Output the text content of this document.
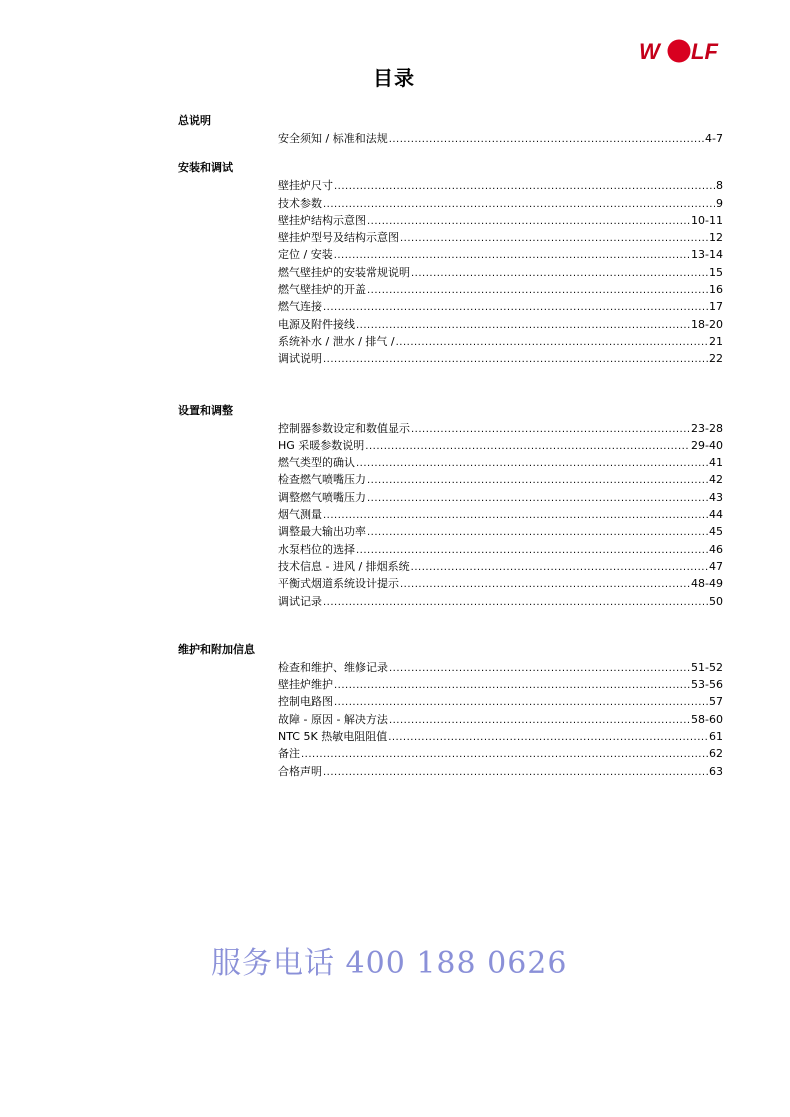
W LF
目录
总说明
安全须知 / 标准和法规 .....	4-7
安装和调试
壁挂炉尺寸 .....	8
技术参数 .....	9
壁挂炉结构示意图 .....	10-11
壁挂炉型号及结构示意图 .....	12
定位 / 安装 .....	13-14
燃气壁挂炉的安装常规说明 .....	15
燃气壁挂炉的开盖 .....	16
燃气连接 .....	17
电源及附件接线 .....	18-20
系统补水 / 泄水 / 排气 / .....	21
调试说明 .....	22
设置和调整
控制器参数设定和数值显示 .....	23-28
HG 采暖参数说明 .....	29-40
燃气类型的确认 .....	41
检查燃气喷嘴压力 .....	42
调整燃气喷嘴压力 .....	43
烟气测量 .....	44
调整最大输出功率 .....	45
水泵档位的选择 .....	46
技术信息 - 进风 / 排烟系统 .....	47
平衡式烟道系统设计提示 .....	48-49
调试记录 .....	50
维护和附加信息
检查和维护、维修记录 .....	51-52
壁挂炉维护 .....	53-56
控制电路图 .....	57
故障 - 原因 - 解决方法 .....	58-60
NTC 5K 热敏电阻阻值 .....	61
备注 .....	62
合格声明 .....	63
服务电话 400 188 0626
